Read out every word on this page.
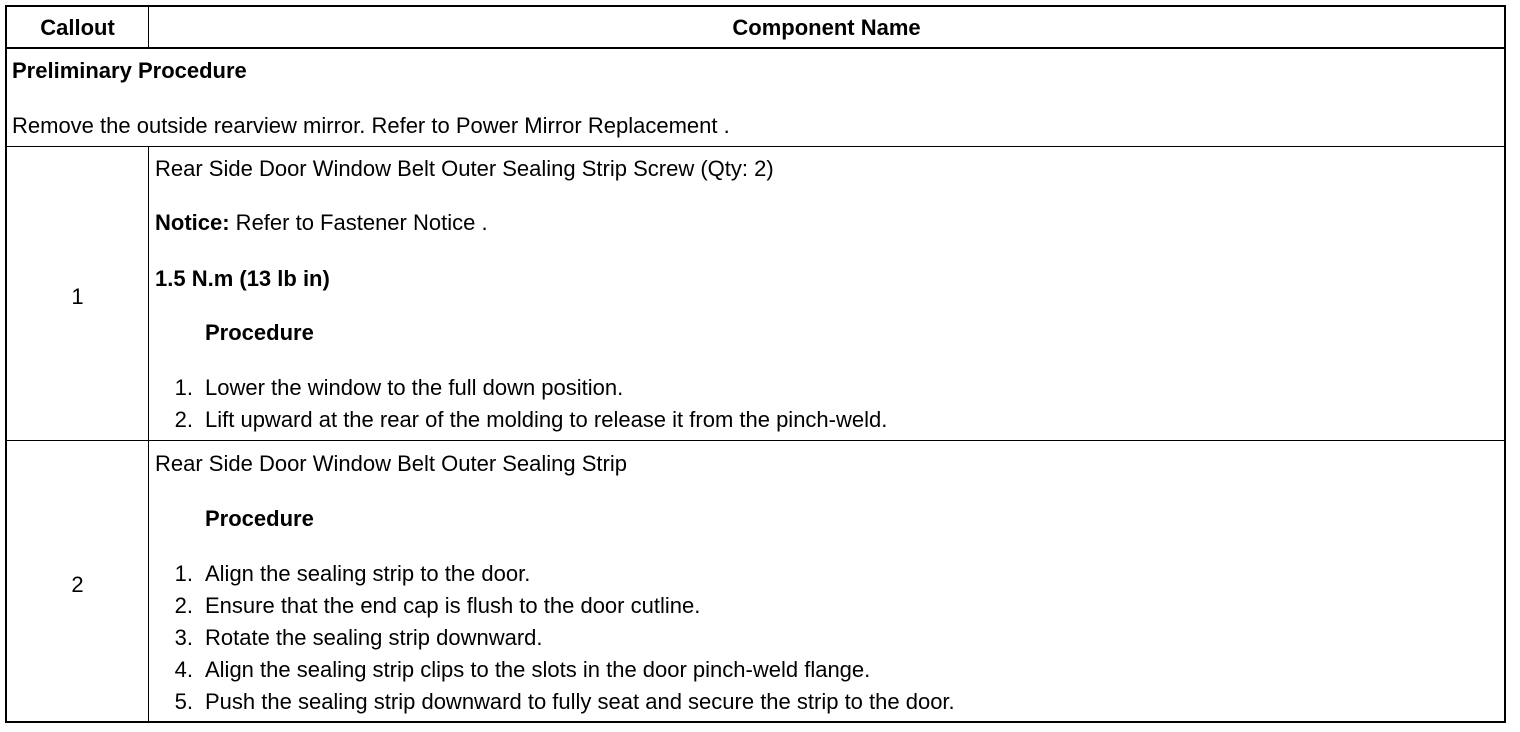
Callout	Component Name
Preliminary Procedure
Remove the outside rearview mirror. Refer to Power Mirror Replacement .
1
Rear Side Door Window Belt Outer Sealing Strip Screw (Qty: 2)
Notice: Refer to Fastener Notice .
1.5 N.m (13 lb in)
Procedure
1. Lower the window to the full down position.
2. Lift upward at the rear of the molding to release it from the pinch-weld.
2
Rear Side Door Window Belt Outer Sealing Strip
Procedure
1. Align the sealing strip to the door.
2. Ensure that the end cap is flush to the door cutline.
3. Rotate the sealing strip downward.
4. Align the sealing strip clips to the slots in the door pinch-weld flange.
5. Push the sealing strip downward to fully seat and secure the strip to the door.
